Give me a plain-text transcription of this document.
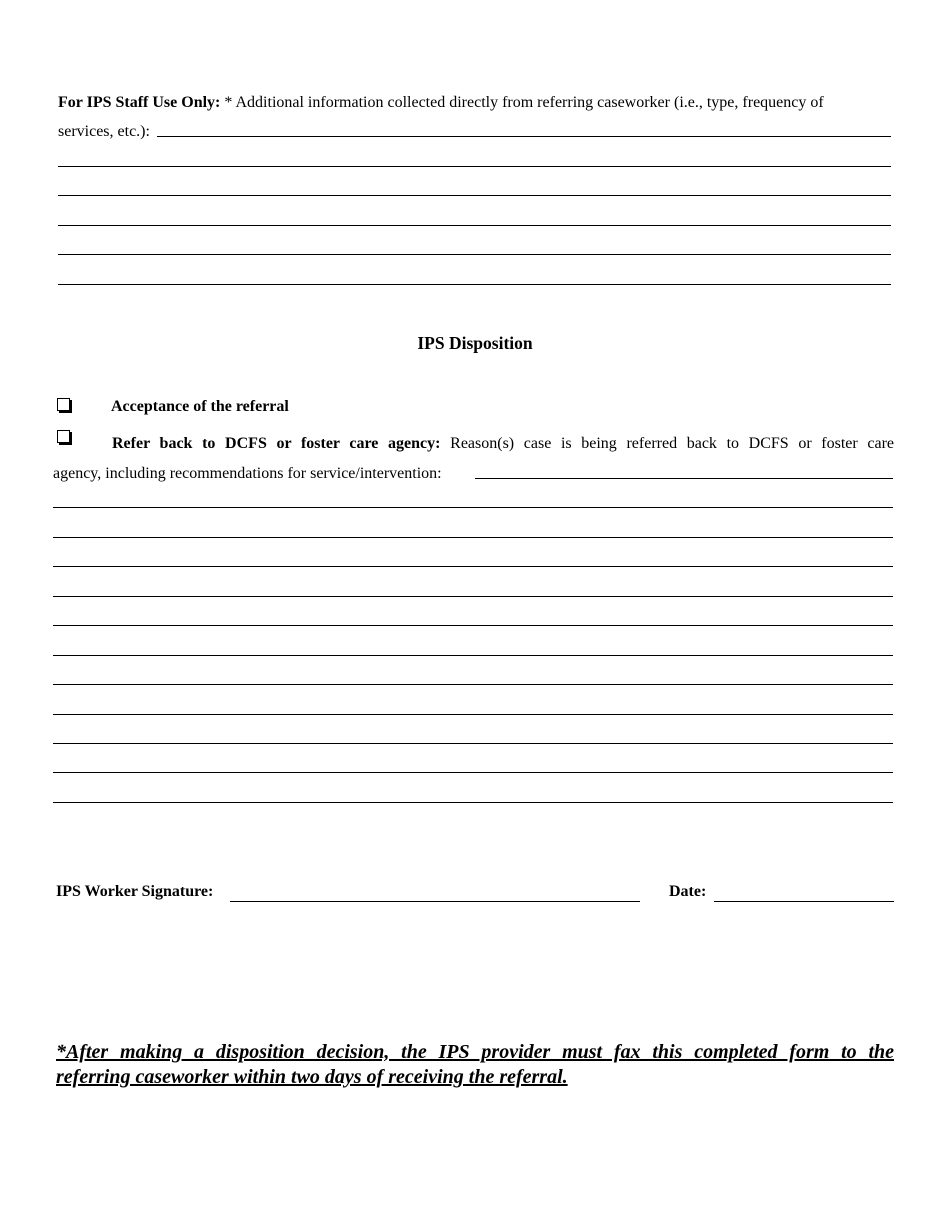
For IPS Staff Use Only: * Additional information collected directly from referring caseworker (i.e., type, frequency of
services, etc.):
IPS Disposition
Acceptance of the referral
Refer back to DCFS or foster care agency: Reason(s) case is being referred back to DCFS or foster care
agency, including recommendations for service/intervention:
IPS Worker Signature:	Date:
*After making a disposition decision, the IPS provider must fax this completed form to the
referring caseworker within two days of receiving the referral.
